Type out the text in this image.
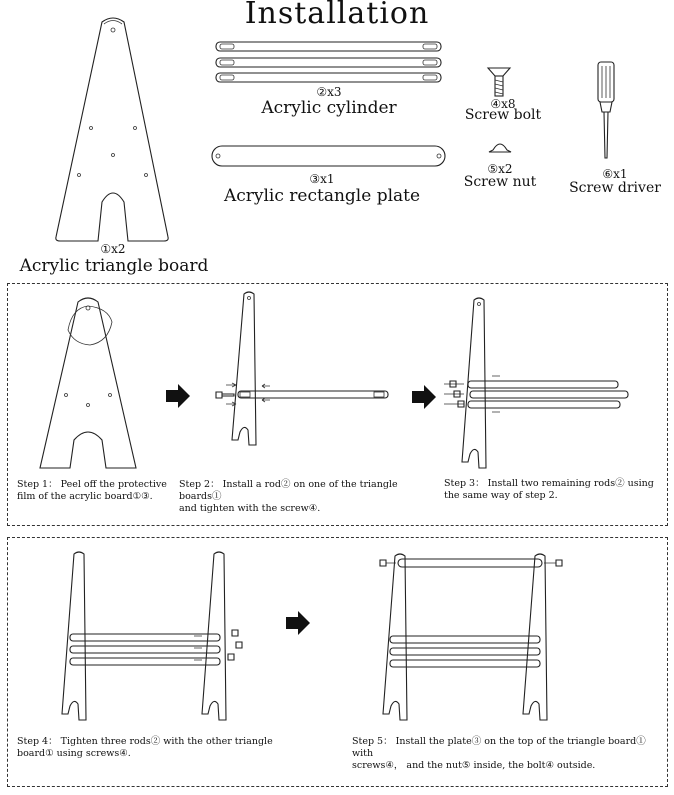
Installation
①x2
Acrylic triangle board
②x3
Acrylic cylinder
③x1
Acrylic rectangle plate
④x8
Screw bolt
⑤x2
Screw nut	⑥x1
Screw driver
Step 1： Peel off the protective
film of the acrylic board①③.
Step 2： Install a rod② on one of the triangle boards①
and tighten with the screw④.
Step 3： Install two remaining rods② using
the same way of step 2.
Step 4： Tighten three rods② with the other triangle
board① using screws④.
Step 5： Install the plate③ on the top of the triangle board① with
screws④， and the nut⑤ inside, the bolt④ outside.
